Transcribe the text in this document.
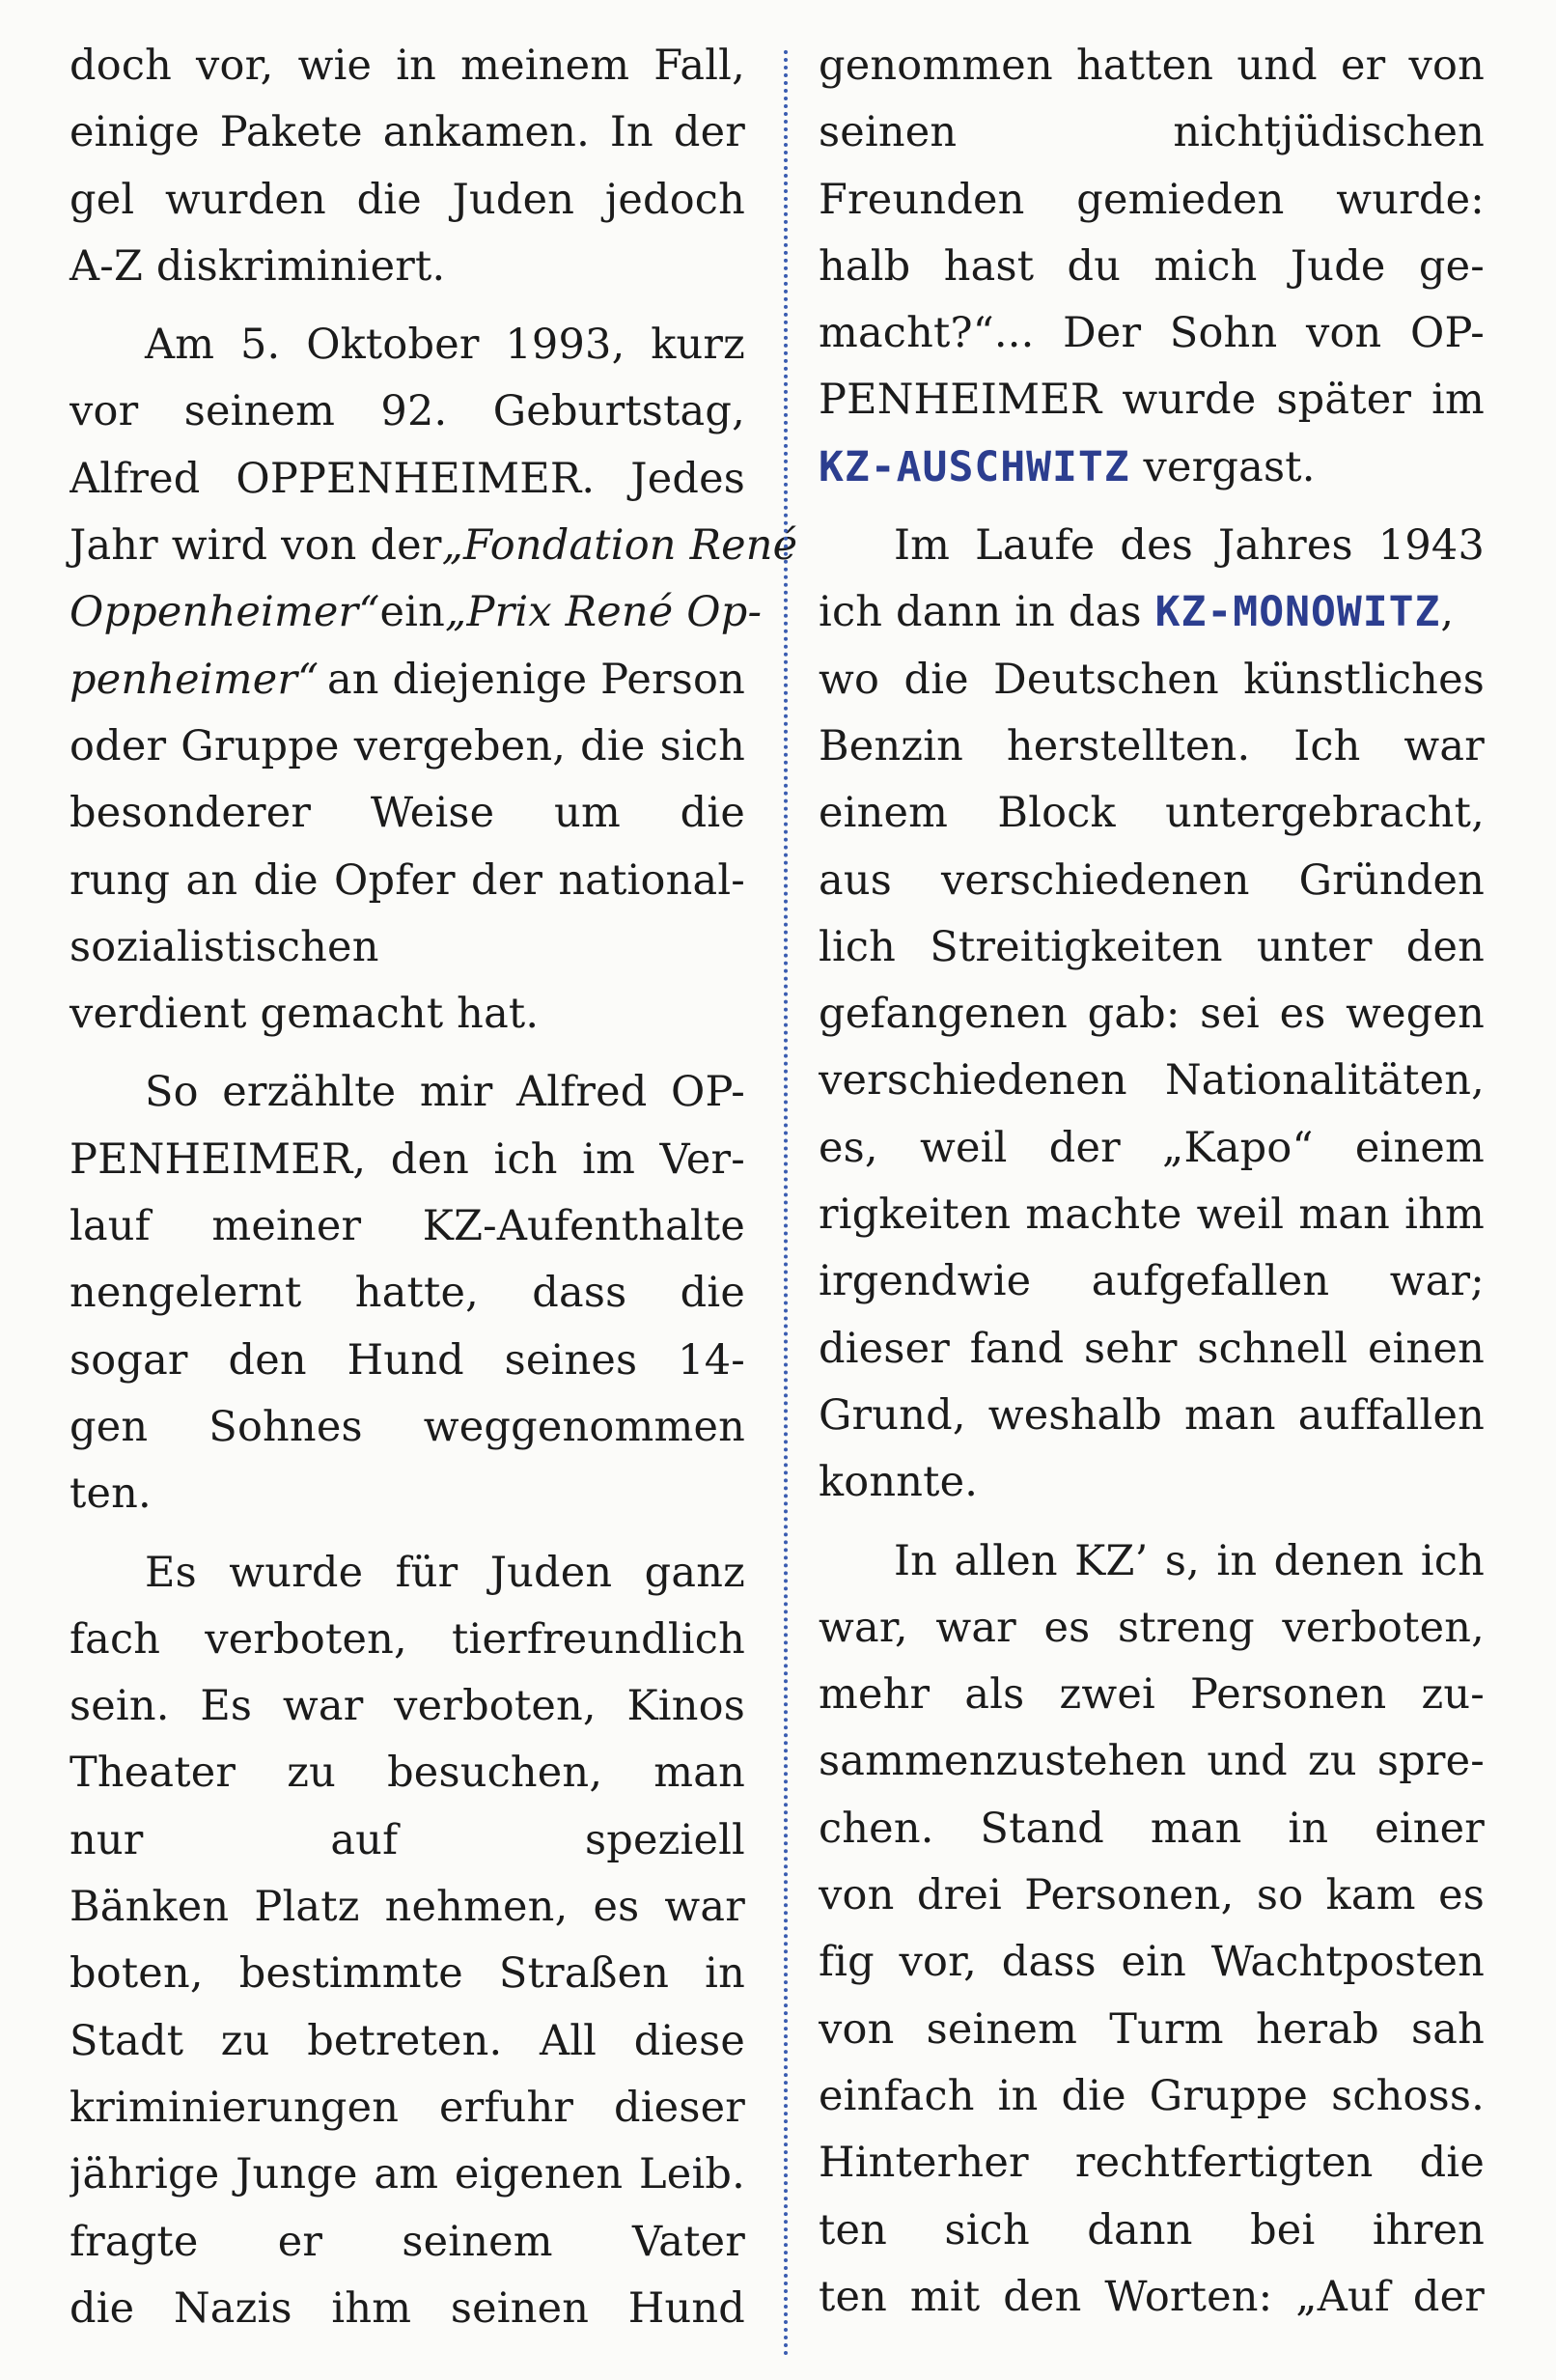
doch vor, wie in meinem Fall,
einige Pakete ankamen. In der
gel wurden die Juden jedoch
A-Z diskriminiert.
Am 5. Oktober 1993, kurz
vor seinem 92. Geburtstag,
Alfred OPPENHEIMER. Jedes
Jahr wird von der „Fondation René
Oppenheimer“ ein „Prix René Op-
penheimer“ an diejenige Person
oder Gruppe vergeben, die sich
besonderer Weise um die
rung an die Opfer der national-
sozialistischen
verdient gemacht hat.
So erzählte mir Alfred OP-
PENHEIMER, den ich im Ver-
lauf meiner KZ-Aufenthalte
nengelernt hatte, dass die
sogar den Hund seines 14-
gen Sohnes weggenommen
ten.
Es wurde für Juden ganz
fach verboten, tierfreundlich
sein. Es war verboten, Kinos
Theater zu besuchen, man
nur auf speziell
Bänken Platz nehmen, es war
boten, bestimmte Straßen in
Stadt zu betreten. All diese
kriminierungen erfuhr dieser
jährige Junge am eigenen Leib.
fragte er seinem Vater
die Nazis ihm seinen Hund
genommen hatten und er von
seinen nichtjüdischen
Freunden gemieden wurde:
halb hast du mich Jude ge-
macht?“... Der Sohn von OP-
PENHEIMER wurde später im
KZ-AUSCHWITZ vergast.
Im Laufe des Jahres 1943
ich dann in das KZ-MONOWITZ,
wo die Deutschen künstliches
Benzin herstellten. Ich war
einem Block untergebracht,
aus verschiedenen Gründen
lich Streitigkeiten unter den
gefangenen gab: sei es wegen
verschiedenen Nationalitäten,
es, weil der „Kapo“ einem
rigkeiten machte weil man ihm
irgendwie aufgefallen war;
dieser fand sehr schnell einen
Grund, weshalb man auffallen
konnte.
In allen KZ’ s, in denen ich
war, war es streng verboten,
mehr als zwei Personen zu-
sammenzustehen und zu spre-
chen. Stand man in einer
von drei Personen, so kam es
fig vor, dass ein Wachtposten
von seinem Turm herab sah
einfach in die Gruppe schoss.
Hinterher rechtfertigten die
ten sich dann bei ihren
ten mit den Worten: „Auf der
